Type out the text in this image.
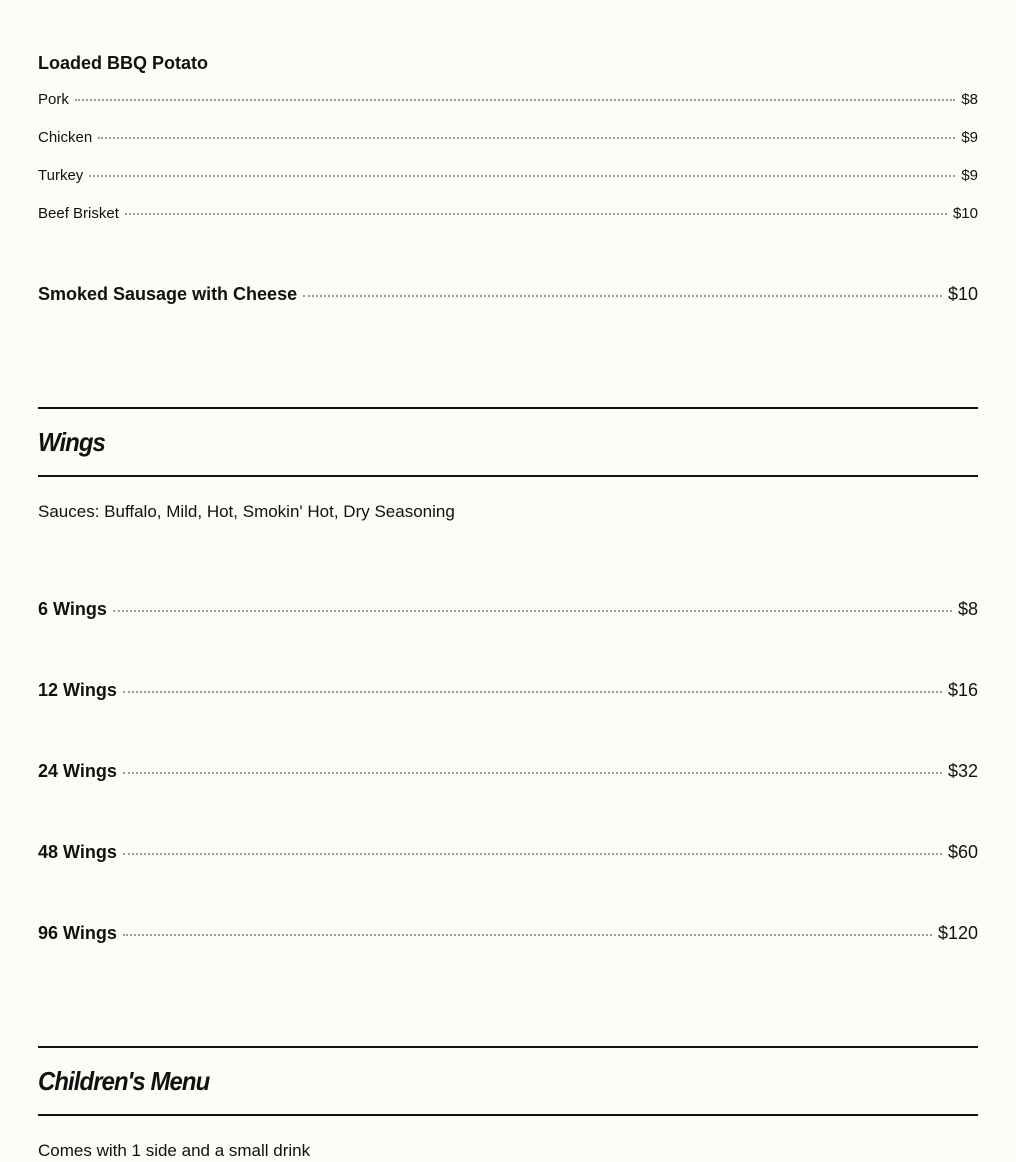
Loaded BBQ Potato
Pork	$8
Chicken	$9
Turkey	$9
Beef Brisket	$10
Smoked Sausage with Cheese	$10
Wings

Sauces: Buffalo, Mild, Hot, Smokin' Hot, Dry Seasoning

6 Wings	$8
12 Wings	$16
24 Wings	$32
48 Wings	$60
96 Wings	$120
Children's Menu

Comes with 1 side and a small drink
